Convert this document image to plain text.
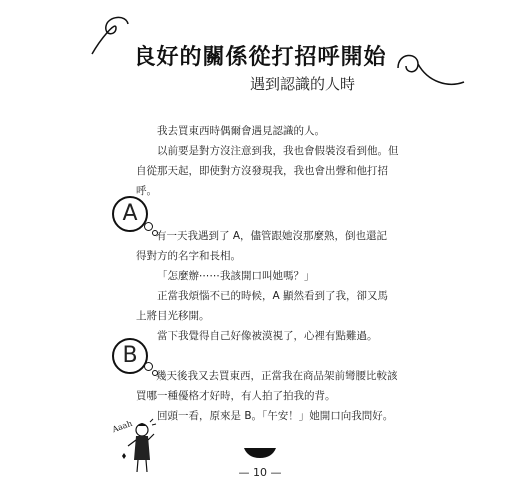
良好的關係從打招呼開始
遇到認識的人時
我去買東西時偶爾會遇見認識的人。
以前要是對方沒注意到我，我也會假裝沒看到他。但
自從那天起，即使對方沒發現我，我也會出聲和他打招
呼。
A
有一天我遇到了 A，儘管跟她沒那麼熟，倒也還記
得對方的名字和長相。
「怎麼辦⋯⋯我該開口叫她嗎？」
正當我煩惱不已的時候，A 顯然看到了我，卻又馬
上將目光移開。
當下我覺得自己好像被漠視了，心裡有點難過。
B
幾天後我又去買東西，正當我在商品架前彎腰比較該
買哪一種優格才好時，有人拍了拍我的背。
回頭一看，原來是 B。「午安！」她開口向我問好。
Aaah
— 10 —
